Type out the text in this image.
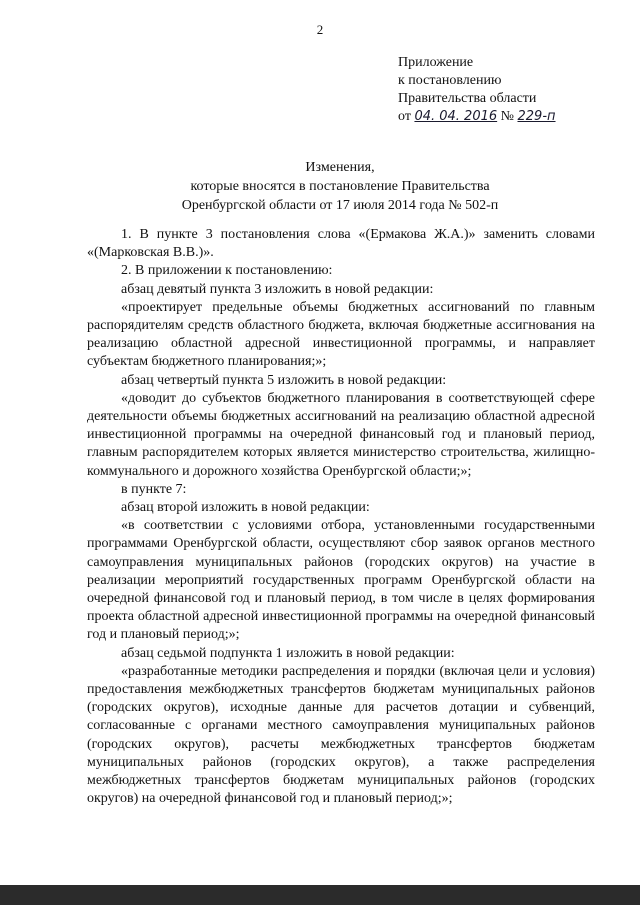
2
Приложение
к постановлению
Правительства области
от 04. 04. 2016 № 229-п
Изменения,
которые вносятся в постановление Правительства
Оренбургской области от 17 июля 2014 года № 502-п

1. В пункте 3 постановления слова «(Ермакова Ж.А.)» заменить словами «(Марковская В.В.)».

2. В приложении к постановлению:

абзац девятый пункта 3 изложить в новой редакции:

«проектирует предельные объемы бюджетных ассигнований по главным распорядителям средств областного бюджета, включая бюджетные ассигнования на реализацию областной адресной инвестиционной программы, и направляет субъектам бюджетного планирования;»;

абзац четвертый пункта 5 изложить в новой редакции:

«доводит до субъектов бюджетного планирования в соответствующей сфере деятельности объемы бюджетных ассигнований на реализацию областной адресной инвестиционной программы на очередной финансовый год и плановый период, главным распорядителем которых является министерство строительства, жилищно-коммунального и дорожного хозяйства Оренбургской области;»;

в пункте 7:

абзац второй изложить в новой редакции:

«в соответствии с условиями отбора, установленными государственными программами Оренбургской области, осуществляют сбор заявок органов местного самоуправления муниципальных районов (городских округов) на участие в реализации мероприятий государственных программ Оренбургской области на очередной финансовой год и плановый период, в том числе в целях формирования проекта областной адресной инвестиционной программы на очередной финансовый год и плановый период;»;

абзац седьмой подпункта 1 изложить в новой редакции:

«разработанные методики распределения и порядки (включая цели и условия) предоставления межбюджетных трансфертов бюджетам муниципальных районов (городских округов), исходные данные для расчетов дотации и субвенций, согласованные с органами местного самоуправления муниципальных районов (городских округов), расчеты межбюджетных трансфертов бюджетам муниципальных районов (городских округов), а также распределения межбюджетных трансфертов бюджетам муниципальных районов (городских округов) на очередной финансовой год и плановый период;»;
